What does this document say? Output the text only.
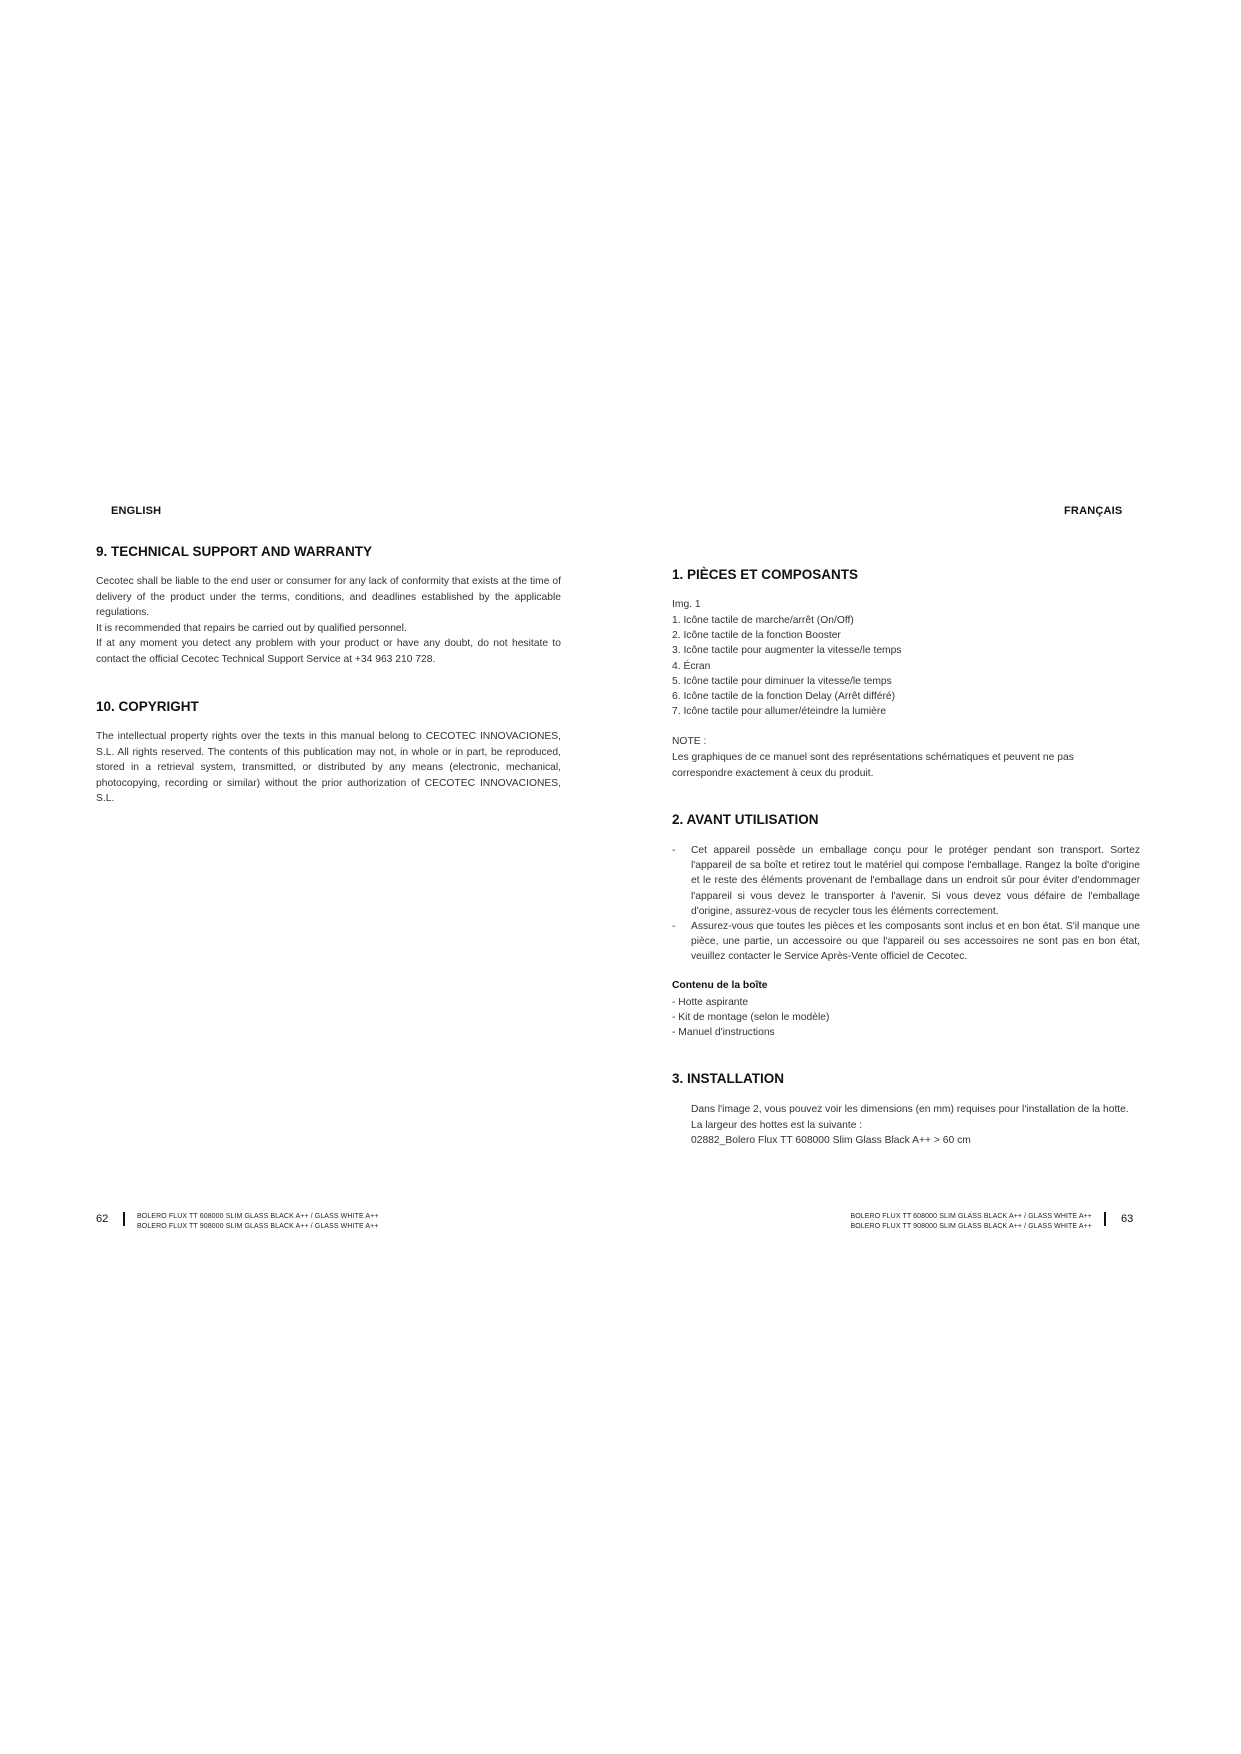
ENGLISH
9. TECHNICAL SUPPORT AND WARRANTY
Cecotec shall be liable to the end user or consumer for any lack of conformity that exists at the time of delivery of the product under the terms, conditions, and deadlines established by the applicable regulations.
It is recommended that repairs be carried out by qualified personnel.
If at any moment you detect any problem with your product or have any doubt, do not hesitate to contact the official Cecotec Technical Support Service at +34 963 210 728.
10. COPYRIGHT
The intellectual property rights over the texts in this manual belong to CECOTEC INNOVACIONES, S.L. All rights reserved. The contents of this publication may not, in whole or in part, be reproduced, stored in a retrieval system, transmitted, or distributed by any means (electronic, mechanical, photocopying, recording or similar) without the prior authorization of CECOTEC INNOVACIONES, S.L.
62	BOLERO FLUX TT 608000 SLIM GLASS BLACK A++ / GLASS WHITE A++
BOLERO FLUX TT 908000 SLIM GLASS BLACK A++ / GLASS WHITE A++
FRANÇAIS
1. PIÈCES ET COMPOSANTS
Img. 1
1. Icône tactile de marche/arrêt (On/Off)
2. Icône tactile de la fonction Booster
3. Icône tactile pour augmenter la vitesse/le temps
4. Écran
5. Icône tactile pour diminuer la vitesse/le temps
6. Icône tactile de la fonction Delay (Arrêt différé)
7. Icône tactile pour allumer/éteindre la lumière
NOTE :
Les graphiques de ce manuel sont des représentations schématiques et peuvent ne pas correspondre exactement à ceux du produit.
2. AVANT UTILISATION
- Cet appareil possède un emballage conçu pour le protéger pendant son transport. Sortez l'appareil de sa boîte et retirez tout le matériel qui compose l'emballage. Rangez la boîte d'origine et le reste des éléments provenant de l'emballage dans un endroit sûr pour éviter d'endommager l'appareil si vous devez le transporter à l'avenir. Si vous devez vous défaire de l'emballage d'origine, assurez-vous de recycler tous les éléments correctement.
- Assurez-vous que toutes les pièces et les composants sont inclus et en bon état. S'il manque une pièce, une partie, un accessoire ou que l'appareil ou ses accessoires ne sont pas en bon état, veuillez contacter le Service Après-Vente officiel de Cecotec.
Contenu de la boîte
- Hotte aspirante
- Kit de montage (selon le modèle)
- Manuel d'instructions
3. INSTALLATION
Dans l'image 2, vous pouvez voir les dimensions (en mm) requises pour l'installation de la hotte.
La largeur des hottes est la suivante :
02882_Bolero Flux TT 608000 Slim Glass Black A++ > 60 cm
BOLERO FLUX TT 608000 SLIM GLASS BLACK A++ / GLASS WHITE A++
BOLERO FLUX TT 908000 SLIM GLASS BLACK A++ / GLASS WHITE A++
63
